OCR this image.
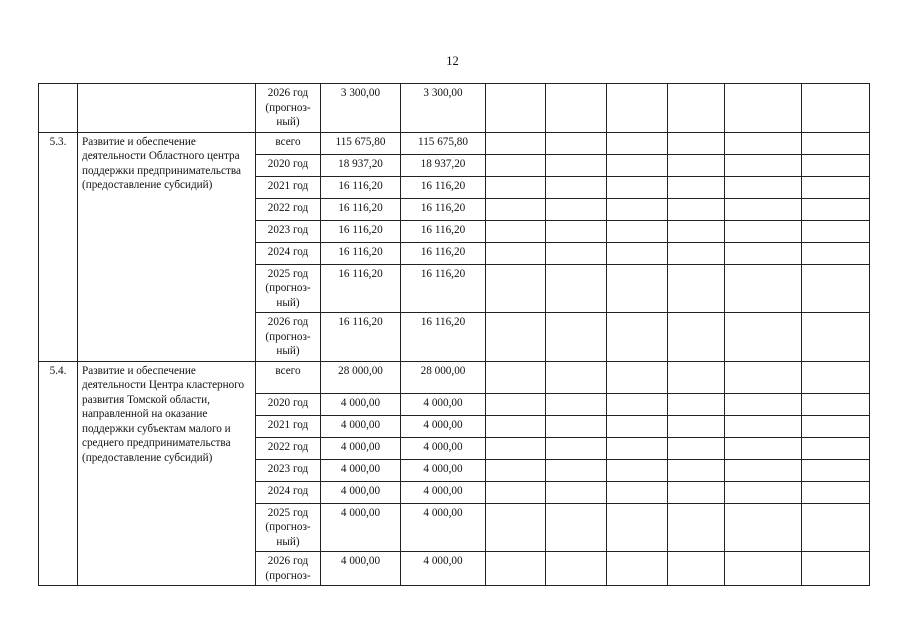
12

		2026 год
(прогноз-
ный)	3 300,00	3 300,00						
5.3.	Развитие и обеспечение деятельности Областного центра поддержки предпринимательства (предоставление субсидий)	всего	115 675,80	115 675,80						

		2020 год	18 937,20	18 937,20						

		2021 год	16 116,20	16 116,20						

		2022 год	16 116,20	16 116,20						

		2023 год	16 116,20	16 116,20						

		2024 год	16 116,20	16 116,20						

		2025 год
(прогноз-
ный)	16 116,20	16 116,20						

		2026 год
(прогноз-
ный)	16 116,20	16 116,20						
5.4.	Развитие и обеспечение деятельности Центра кластерного развития Томской области, направленной на оказание поддержки субъектам малого и среднего предпринимательства (предоставление субсидий)	всего	28 000,00	28 000,00						

		2020 год	4 000,00	4 000,00						

		2021 год	4 000,00	4 000,00						

		2022 год	4 000,00	4 000,00						

		2023 год	4 000,00	4 000,00						

		2024 год	4 000,00	4 000,00						

		2025 год
(прогноз-
ный)	4 000,00	4 000,00						

		2026 год
(прогноз-	4 000,00	4 000,00						
